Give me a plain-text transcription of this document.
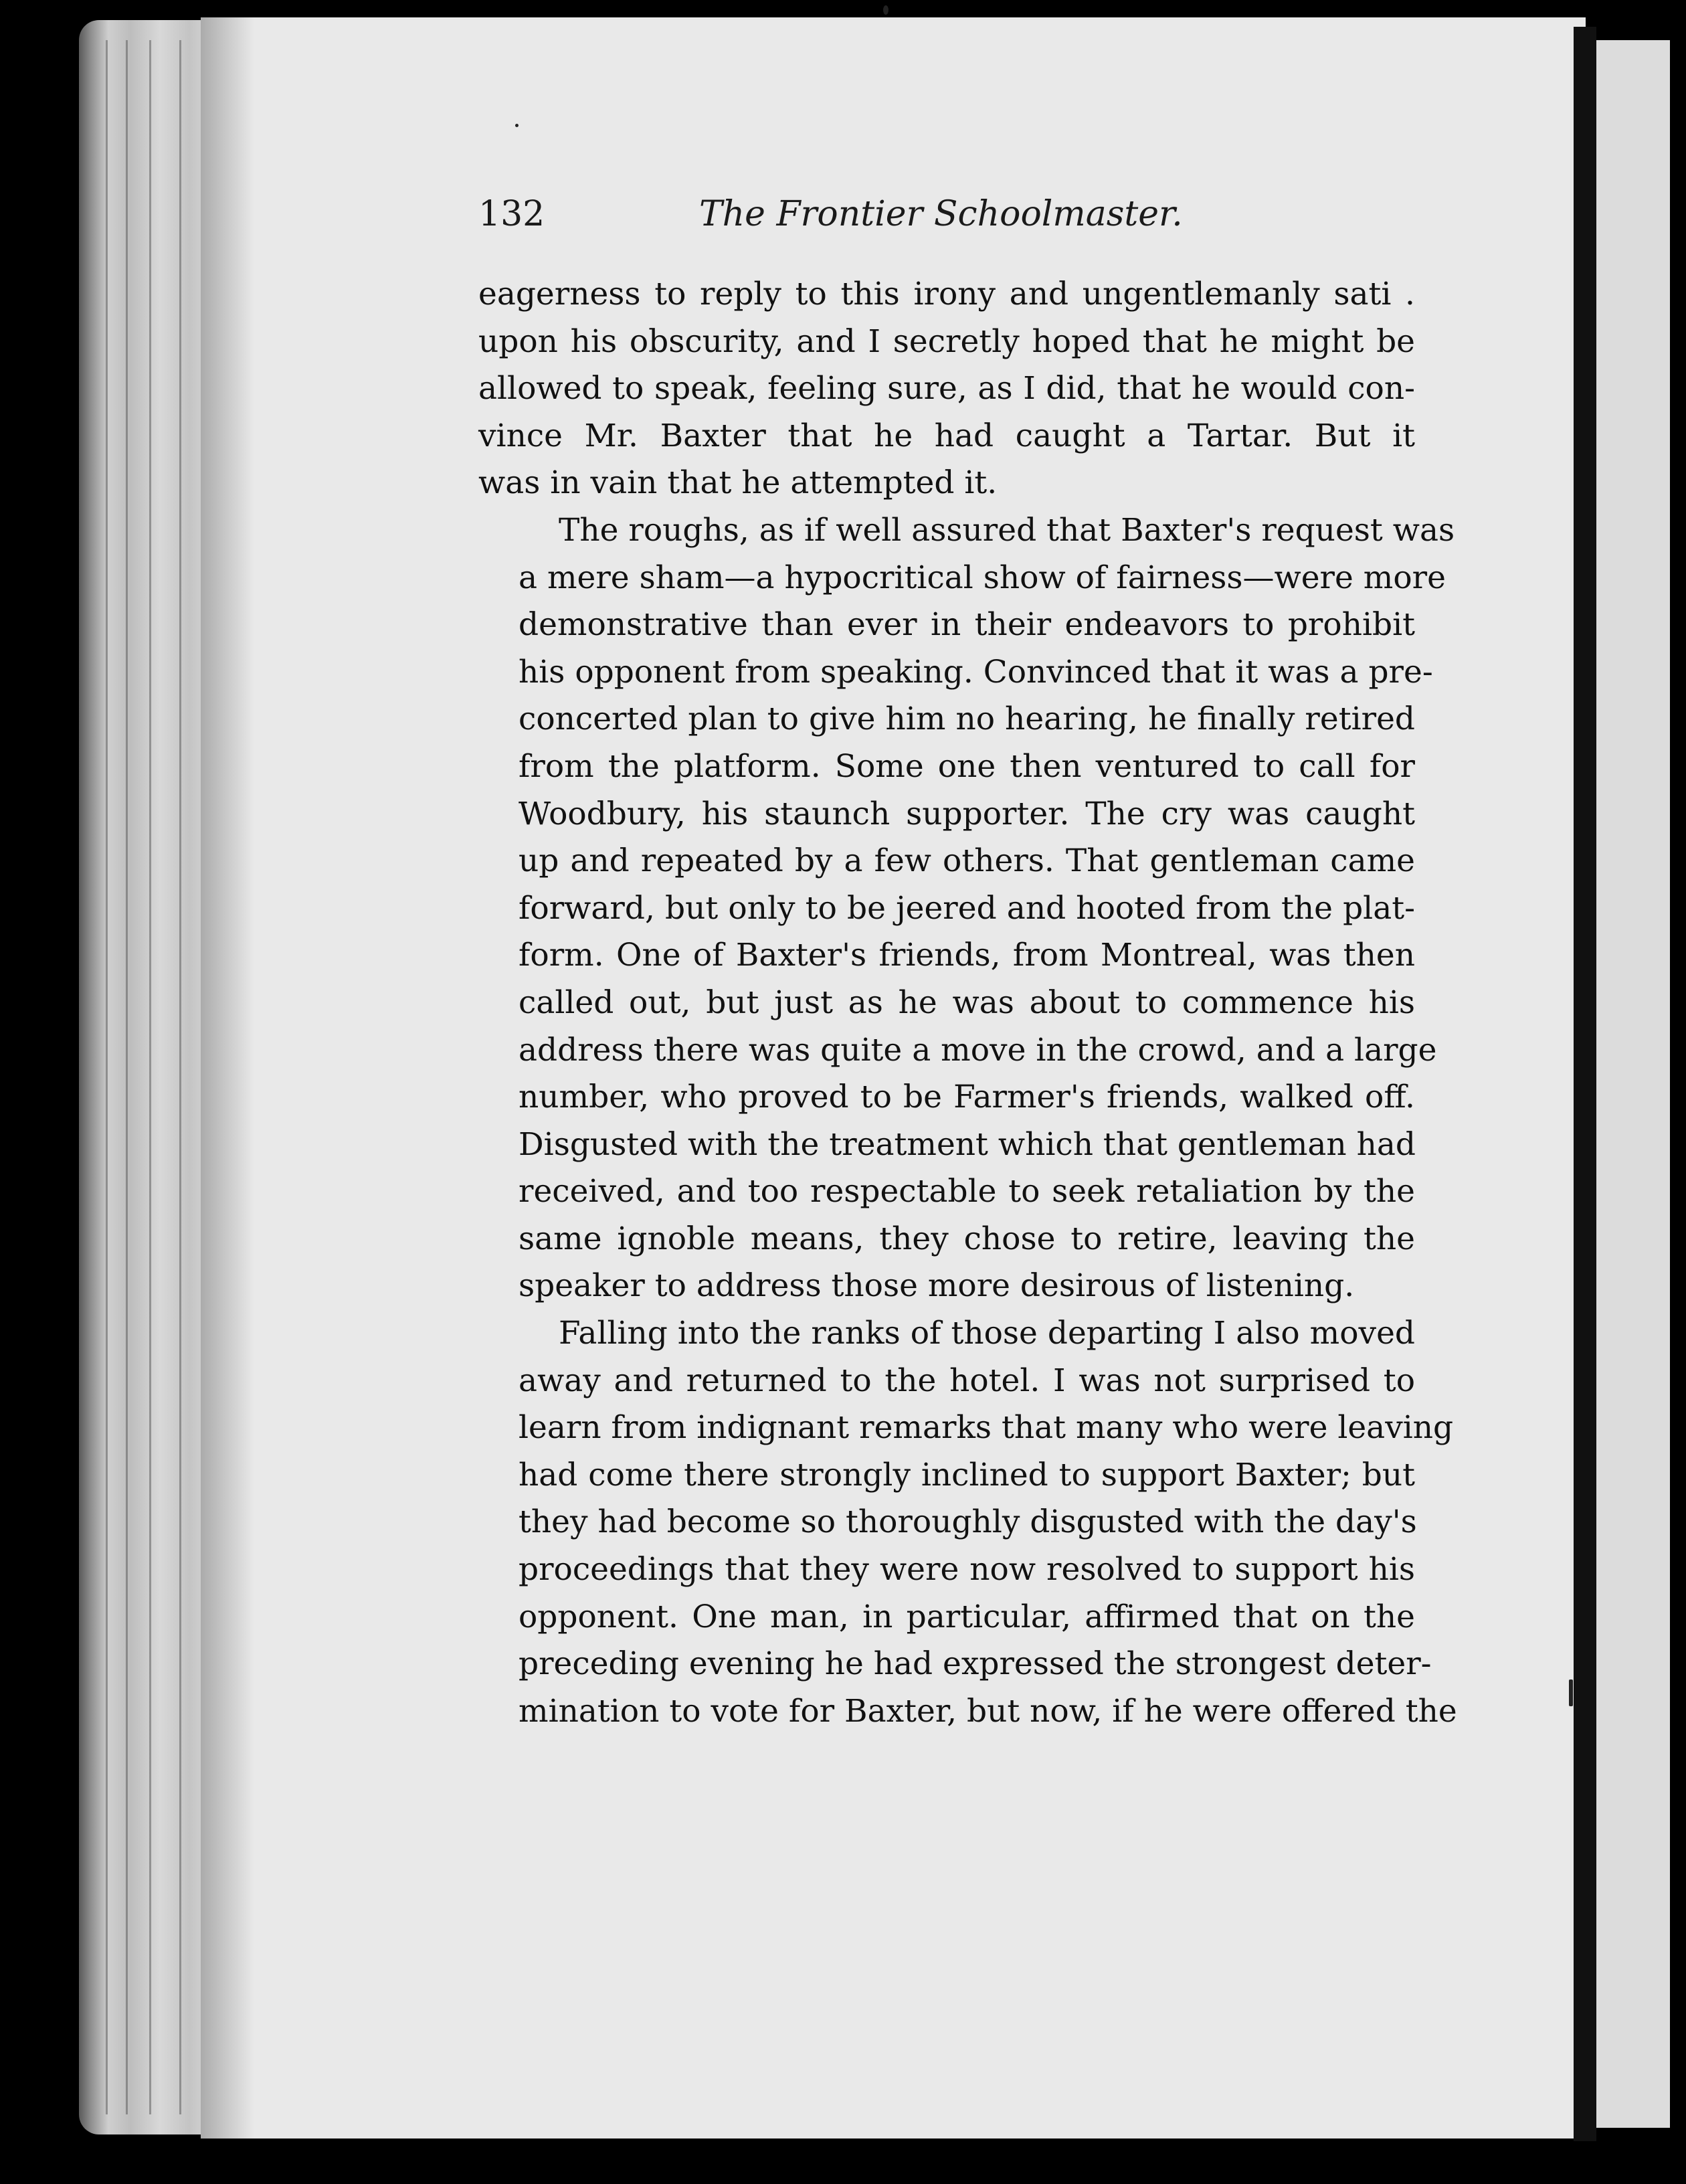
132	The Frontier Schoolmaster.

eagerness to reply to this irony and ungentlemanly sati .
upon his obscurity, and I secretly hoped that he might be
allowed to speak, feeling sure, as I did, that he would con-
vince Mr. Baxter that he had caught a Tartar. But it
was in vain that he attempted it.

The roughs, as if well assured that Baxter's request was
a mere sham—a hypocritical show of fairness—were more
demonstrative than ever in their endeavors to prohibit
his opponent from speaking. Convinced that it was a pre-
concerted plan to give him no hearing, he finally retired
from the platform. Some one then ventured to call for
Woodbury, his staunch supporter. The cry was caught
up and repeated by a few others. That gentleman came
forward, but only to be jeered and hooted from the plat-
form. One of Baxter's friends, from Montreal, was then
called out, but just as he was about to commence his
address there was quite a move in the crowd, and a large
number, who proved to be Farmer's friends, walked off.
Disgusted with the treatment which that gentleman had
received, and too respectable to seek retaliation by the
same ignoble means, they chose to retire, leaving the
speaker to address those more desirous of listening.

Falling into the ranks of those departing I also moved
away and returned to the hotel. I was not surprised to
learn from indignant remarks that many who were leaving
had come there strongly inclined to support Baxter; but
they had become so thoroughly disgusted with the day's
proceedings that they were now resolved to support his
opponent. One man, in particular, affirmed that on the
preceding evening he had expressed the strongest deter-
mination to vote for Baxter, but now, if he were offered the
